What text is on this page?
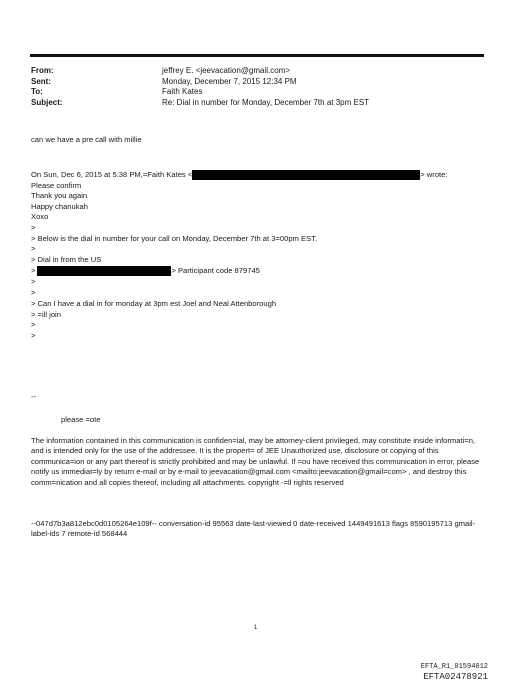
From:	jeffrey E. <jeevacation@gmail.com>
Sent:	Monday, December 7, 2015 12:34 PM
To:	Faith Kates
Subject:	Re: Dial in number for Monday, December 7th at 3pm EST
can we have a pre call with millie
On Sun, Dec 6, 2015 at 5:38 PM,=Faith Kates <	> wrote:
Please confirm
Thank you again
Happy chanukah
Xoxo
>
> Below is the dial in number for your call on Monday, December 7th at 3=00pm EST.
>
> Dial in from the US
>	> Participant code 879745
>
>
> Can I have a dial in for monday at 3pm est Joel and Neal Attenborough
> =ill join
>
>
--
please =ote
The information contained in this communication is confiden=ial, may be attorney-client privileged, may constitute inside informati=n, and is intended only for the use of the addressee. It is the propert= of JEE Unauthorized use, disclosure or copying of this communica=ion or any part thereof is strictly prohibited and may be unlawful. If =ou have received this communication in error, please notify us immediat=ly by return e-mail or by e-mail to jeevacation@gmail.com <mailto:jeevacation@gmail=com> , and destroy this comm=nication and all copies thereof, including all attachments. copyright -=ll rights reserved
--047d7b3a812ebc0d0105264e109f-- conversation-id 95563 date-last-viewed 0 date-received 1449491613 flags 8590195713 gmail-label-ids 7 remote-id 568444
1
EFTA_R1_01594012
EFTA02478921
